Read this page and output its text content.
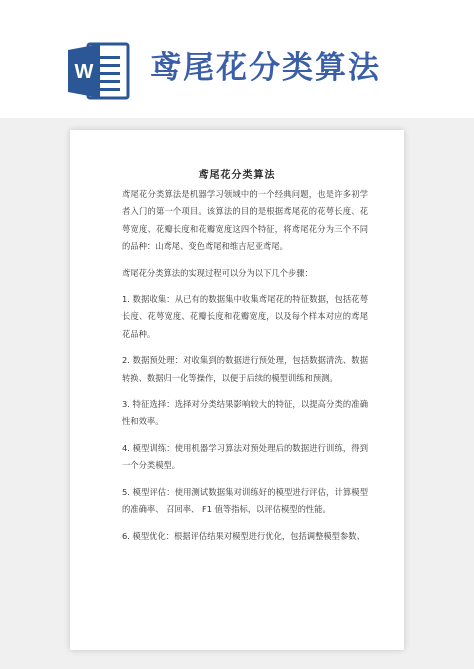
W 鸢尾花分类算法
鸢尾花分类算法

鸢尾花分类算法是机器学习领域中的一个经典问题，也是许多初学者入门的第一个项目。该算法的目的是根据鸢尾花的花萼长度、花萼宽度、花瓣长度和花瓣宽度这四个特征，将鸢尾花分为三个不同的品种：山鸢尾、变色鸢尾和维吉尼亚鸢尾。

鸢尾花分类算法的实现过程可以分为以下几个步骤：

1. 数据收集：从已有的数据集中收集鸢尾花的特征数据，包括花萼长度、花萼宽度、花瓣长度和花瓣宽度，以及每个样本对应的鸢尾花品种。

2. 数据预处理：对收集到的数据进行预处理，包括数据清洗、数据转换、数据归一化等操作，以便于后续的模型训练和预测。

3. 特征选择：选择对分类结果影响较大的特征，以提高分类的准确性和效率。

4. 模型训练：使用机器学习算法对预处理后的数据进行训练，得到一个分类模型。

5. 模型评估：使用测试数据集对训练好的模型进行评估，计算模型的准确率、 召回率、 F1 值等指标，以评估模型的性能。

6. 模型优化：根据评估结果对模型进行优化，包括调整模型参数、
